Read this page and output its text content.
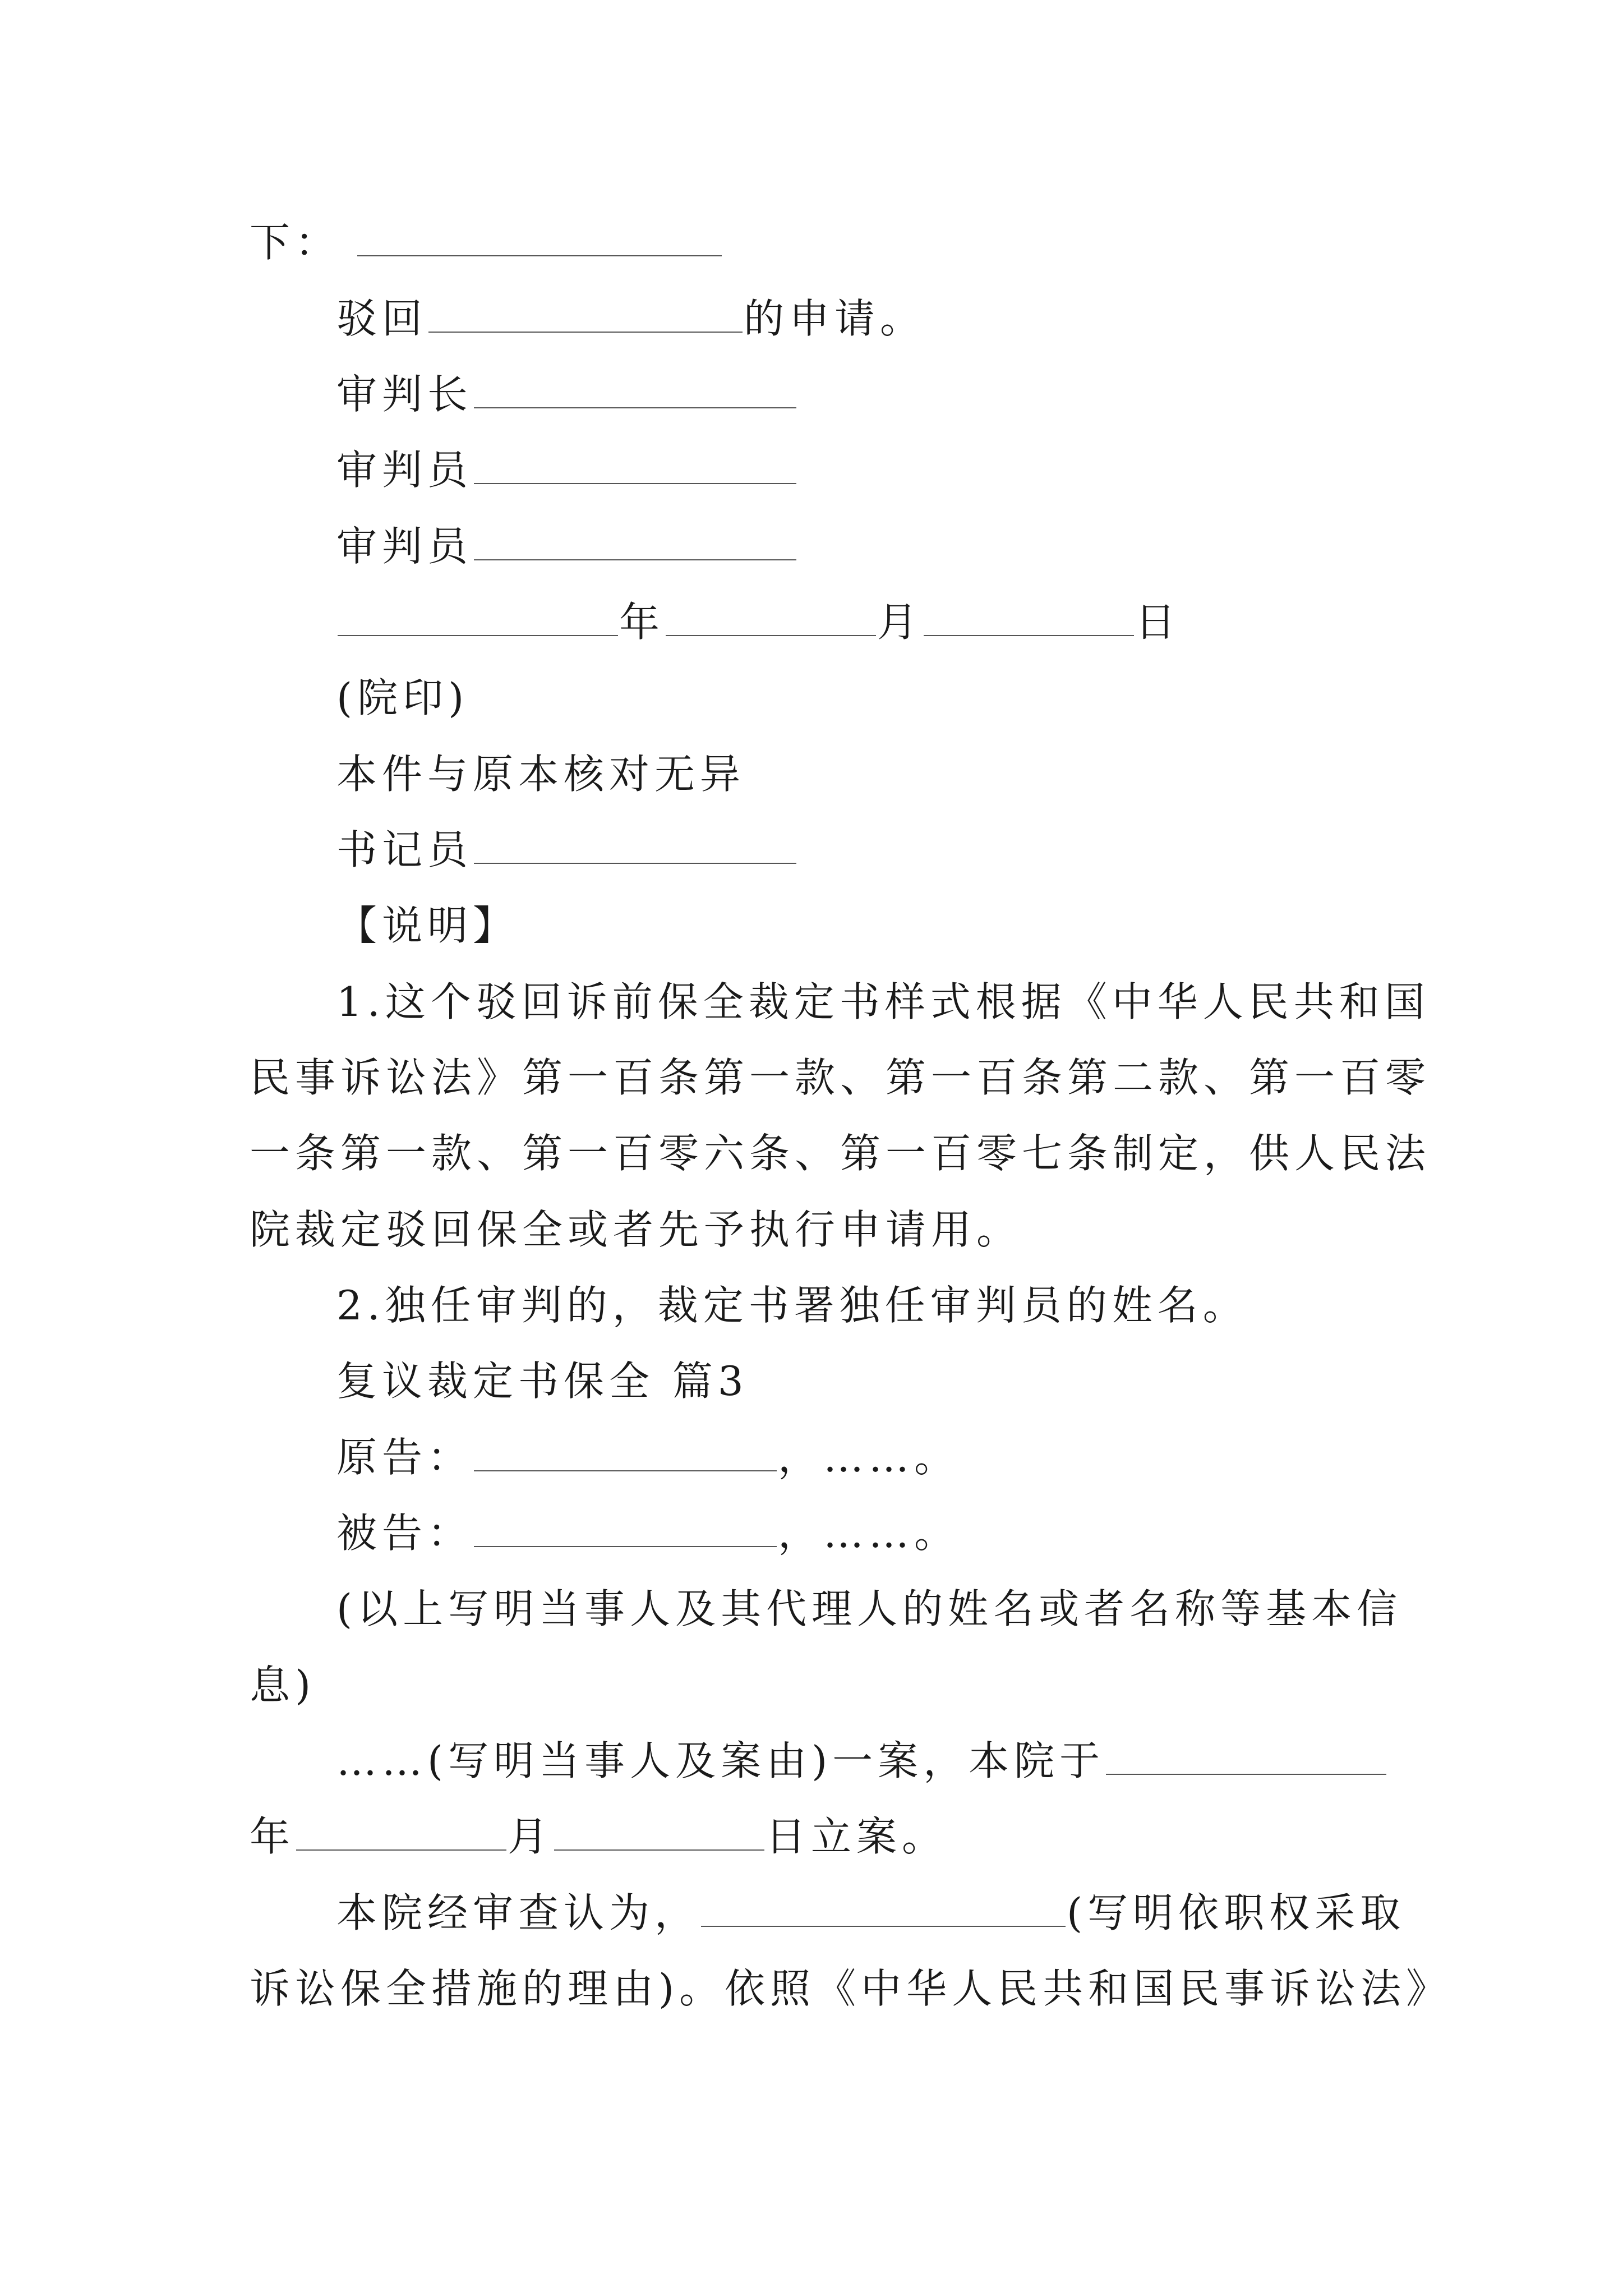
下：
驳回	的申请。
审判长
审判员
审判员
年	月	日
(院印)
本件与原本核对无异
书记员
【说明】
1.这个驳回诉前保全裁定书样式根据《中华人民共和国
民事诉讼法》第一百条第一款、第一百条第二款、第一百零
一条第一款、第一百零六条、第一百零七条制定，供人民法
院裁定驳回保全或者先予执行申请用。
2.独任审判的，裁定书署独任审判员的姓名。
复议裁定书保全 篇3
原告：	，……。
被告：	，……。
(以上写明当事人及其代理人的姓名或者名称等基本信
息)
……(写明当事人及案由)一案，本院于
年	月	日立案。
本院经审查认为，	(写明依职权采取
诉讼保全措施的理由)。依照《中华人民共和国民事诉讼法》
